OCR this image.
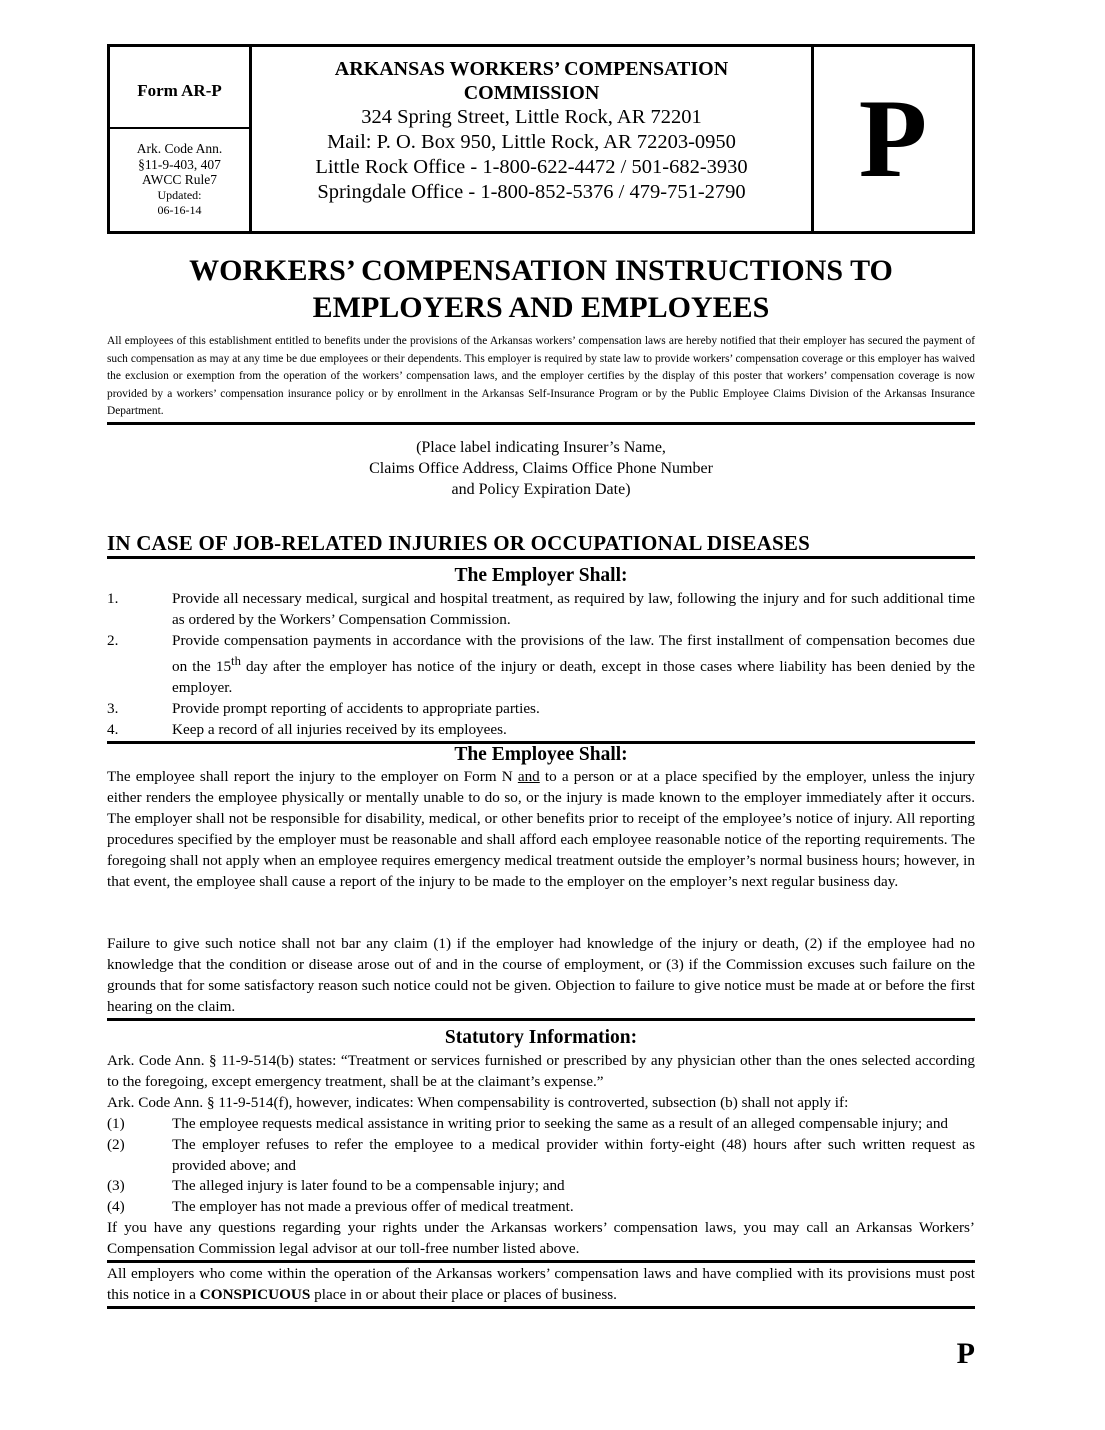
Form AR-P
Ark. Code Ann.
§11-9-403, 407
AWCC Rule7
Updated:
06-16-14
ARKANSAS WORKERS’ COMPENSATION
COMMISSION
324 Spring Street, Little Rock, AR 72201
Mail: P. O. Box 950, Little Rock, AR 72203-0950
Little Rock Office - 1-800-622-4472 / 501-682-3930
Springdale Office - 1-800-852-5376 / 479-751-2790	P
WORKERS’ COMPENSATION INSTRUCTIONS TO
EMPLOYERS AND EMPLOYEES
All employees of this establishment entitled to benefits under the provisions of the Arkansas workers’ compensation laws are hereby notified that their employer has secured the payment of such compensation as may at any time be due employees or their dependents. This employer is required by state law to provide workers’ compensation coverage or this employer has waived the exclusion or exemption from the operation of the workers’ compensation laws, and the employer certifies by the display of this poster that workers’ compensation coverage is now provided by a workers’ compensation insurance policy or by enrollment in the Arkansas Self-Insurance Program or by the Public Employee Claims Division of the Arkansas Insurance Department.
(Place label indicating Insurer’s Name,
Claims Office Address, Claims Office Phone Number
and Policy Expiration Date)
IN CASE OF JOB-RELATED INJURIES OR OCCUPATIONAL DISEASES
The Employer Shall:
1.	Provide all necessary medical, surgical and hospital treatment, as required by law, following the injury and for such additional time as ordered by the Workers’ Compensation Commission.
2.	Provide compensation payments in accordance with the provisions of the law. The first installment of compensation becomes due on the 15th day after the employer has notice of the injury or death, except in those cases where liability has been denied by the employer.
3.	Provide prompt reporting of accidents to appropriate parties.
4.	Keep a record of all injuries received by its employees.
The Employee Shall:
The employee shall report the injury to the employer on Form N and to a person or at a place specified by the employer, unless the injury either renders the employee physically or mentally unable to do so, or the injury is made known to the employer immediately after it occurs. The employer shall not be responsible for disability, medical, or other benefits prior to receipt of the employee’s notice of injury. All reporting procedures specified by the employer must be reasonable and shall afford each employee reasonable notice of the reporting requirements. The foregoing shall not apply when an employee requires emergency medical treatment outside the employer’s normal business hours; however, in that event, the employee shall cause a report of the injury to be made to the employer on the employer’s next regular business day.
Failure to give such notice shall not bar any claim (1) if the employer had knowledge of the injury or death, (2) if the employee had no knowledge that the condition or disease arose out of and in the course of employment, or (3) if the Commission excuses such failure on the grounds that for some satisfactory reason such notice could not be given. Objection to failure to give notice must be made at or before the first hearing on the claim.
Statutory Information:
Ark. Code Ann. § 11-9-514(b) states: “Treatment or services furnished or prescribed by any physician other than the ones selected according to the foregoing, except emergency treatment, shall be at the claimant’s expense.”
Ark. Code Ann. § 11-9-514(f), however, indicates: When compensability is controverted, subsection (b) shall not apply if:
(1)	The employee requests medical assistance in writing prior to seeking the same as a result of an alleged compensable injury; and
(2)	The employer refuses to refer the employee to a medical provider within forty-eight (48) hours after such written request as provided above; and
(3)	The alleged injury is later found to be a compensable injury; and
(4)	The employer has not made a previous offer of medical treatment.
If you have any questions regarding your rights under the Arkansas workers’ compensation laws, you may call an Arkansas Workers’ Compensation Commission legal advisor at our toll-free number listed above.
All employers who come within the operation of the Arkansas workers’ compensation laws and have complied with its provisions must post this notice in a CONSPICUOUS place in or about their place or places of business.
P
